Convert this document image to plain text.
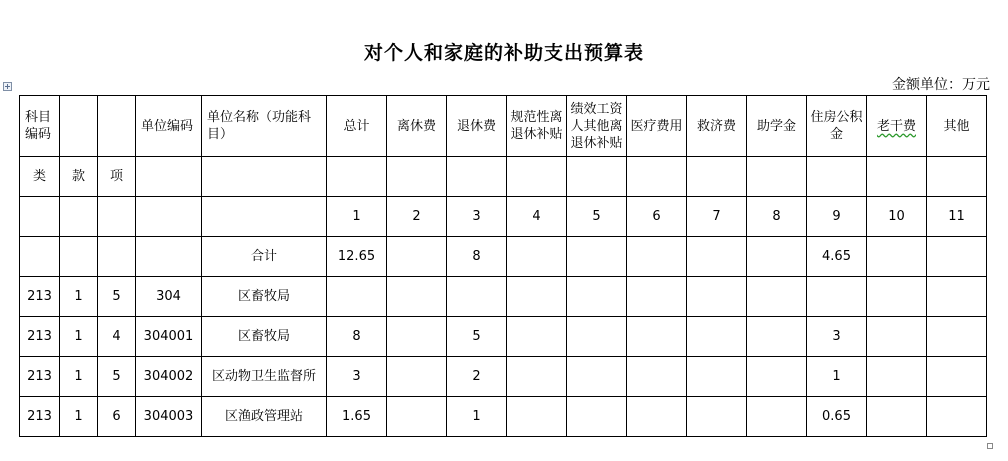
对个人和家庭的补助支出预算表
金额单位：万元
科目编码			单位编码	单位名称（功能科目）	总计	离休费	退休费	规范性离退休补贴	绩效工资人其他离退休补贴	医疗费用	救济费	助学金	住房公积金	老干费	其他
类	款	项													
					1	2	3	4	5	6	7	8	9	10	11
				合计	12.65		8						4.65		
213	1	5	304	区畜牧局											
213	1	4	304001	区畜牧局	8		5						3		
213	1	5	304002	区动物卫生监督所	3		2						1		
213	1	6	304003	区渔政管理站	1.65		1						0.65		
